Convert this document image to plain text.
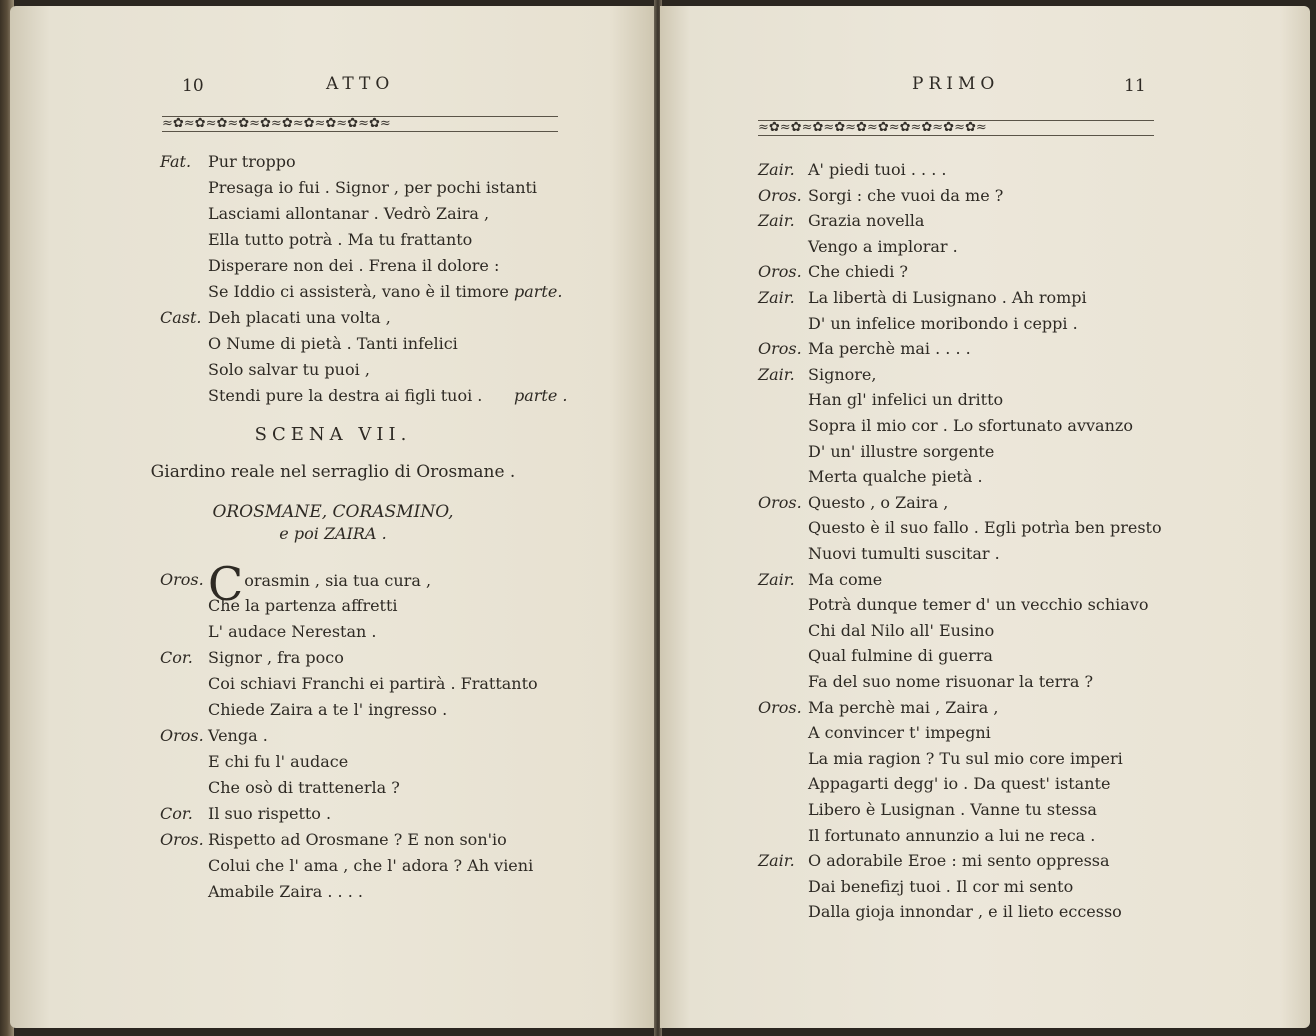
10	ATTO
≈✿≈✿≈✿≈✿≈✿≈✿≈✿≈✿≈✿≈✿≈
Fat. Pur troppo
Presaga io fui . Signor , per pochi istanti
Lasciami allontanar . Vedrò Zaira ,
Ella tutto potrà . Ma tu frattanto
Disperare non dei . Frena il dolore :
Se Iddio ci assisterà, vano è il timore .
parte.
Cast. Deh placati una volta ,
O Nume di pietà . Tanti infelici
Solo salvar tu puoi ,
Stendi pure la destra ai figli tuoi . parte .
SCENA VII.
Giardino reale nel serraglio di Orosmane .
OROSMANE, CORASMINO,
e poi ZAIRA .
Oros. Corasmin , sia tua cura ,
Che la partenza affretti
L' audace Nerestan .
Cor. Signor , fra poco
Coi schiavi Franchi ei partirà . Frattanto
Chiede Zaira a te l' ingresso .
Oros. Venga .
E chi fu l' audace
Che osò di trattenerla ?
Cor. Il suo rispetto .
Oros. Rispetto ad Orosmane ? E non son'io
Colui che l' ama , che l' adora ? Ah vieni
Amabile Zaira . . . .
PRIMO	11
≈✿≈✿≈✿≈✿≈✿≈✿≈✿≈✿≈✿≈✿≈
Zair. A' piedi tuoi . . . .
Oros. Sorgi : che vuoi da me ?
Zair. Grazia novella
Vengo a implorar .
Oros. Che chiedi ?
Zair. La libertà di Lusignano . Ah rompi
D' un infelice moribondo i ceppi .
Oros. Ma perchè mai . . . .
Zair. Signore,
Han gl' infelici un dritto
Sopra il mio cor . Lo sfortunato avvanzo
D' un' illustre sorgente
Merta qualche pietà .
Oros. Questo , o Zaira ,
Questo è il suo fallo . Egli potrìa ben presto
Nuovi tumulti suscitar .
Zair. Ma come
Potrà dunque temer d' un vecchio schiavo
Chi dal Nilo all' Eusino
Qual fulmine di guerra
Fa del suo nome risuonar la terra ?
Oros. Ma perchè mai , Zaira ,
A convincer t' impegni
La mia ragion ? Tu sul mio core imperi
Appagarti degg' io . Da quest' istante
Libero è Lusignan . Vanne tu stessa
Il fortunato annunzio a lui ne reca .
Zair. O adorabile Eroe : mi sento oppressa
Dai benefizj tuoi . Il cor mi sento
Dalla gioja innondar , e il lieto eccesso
